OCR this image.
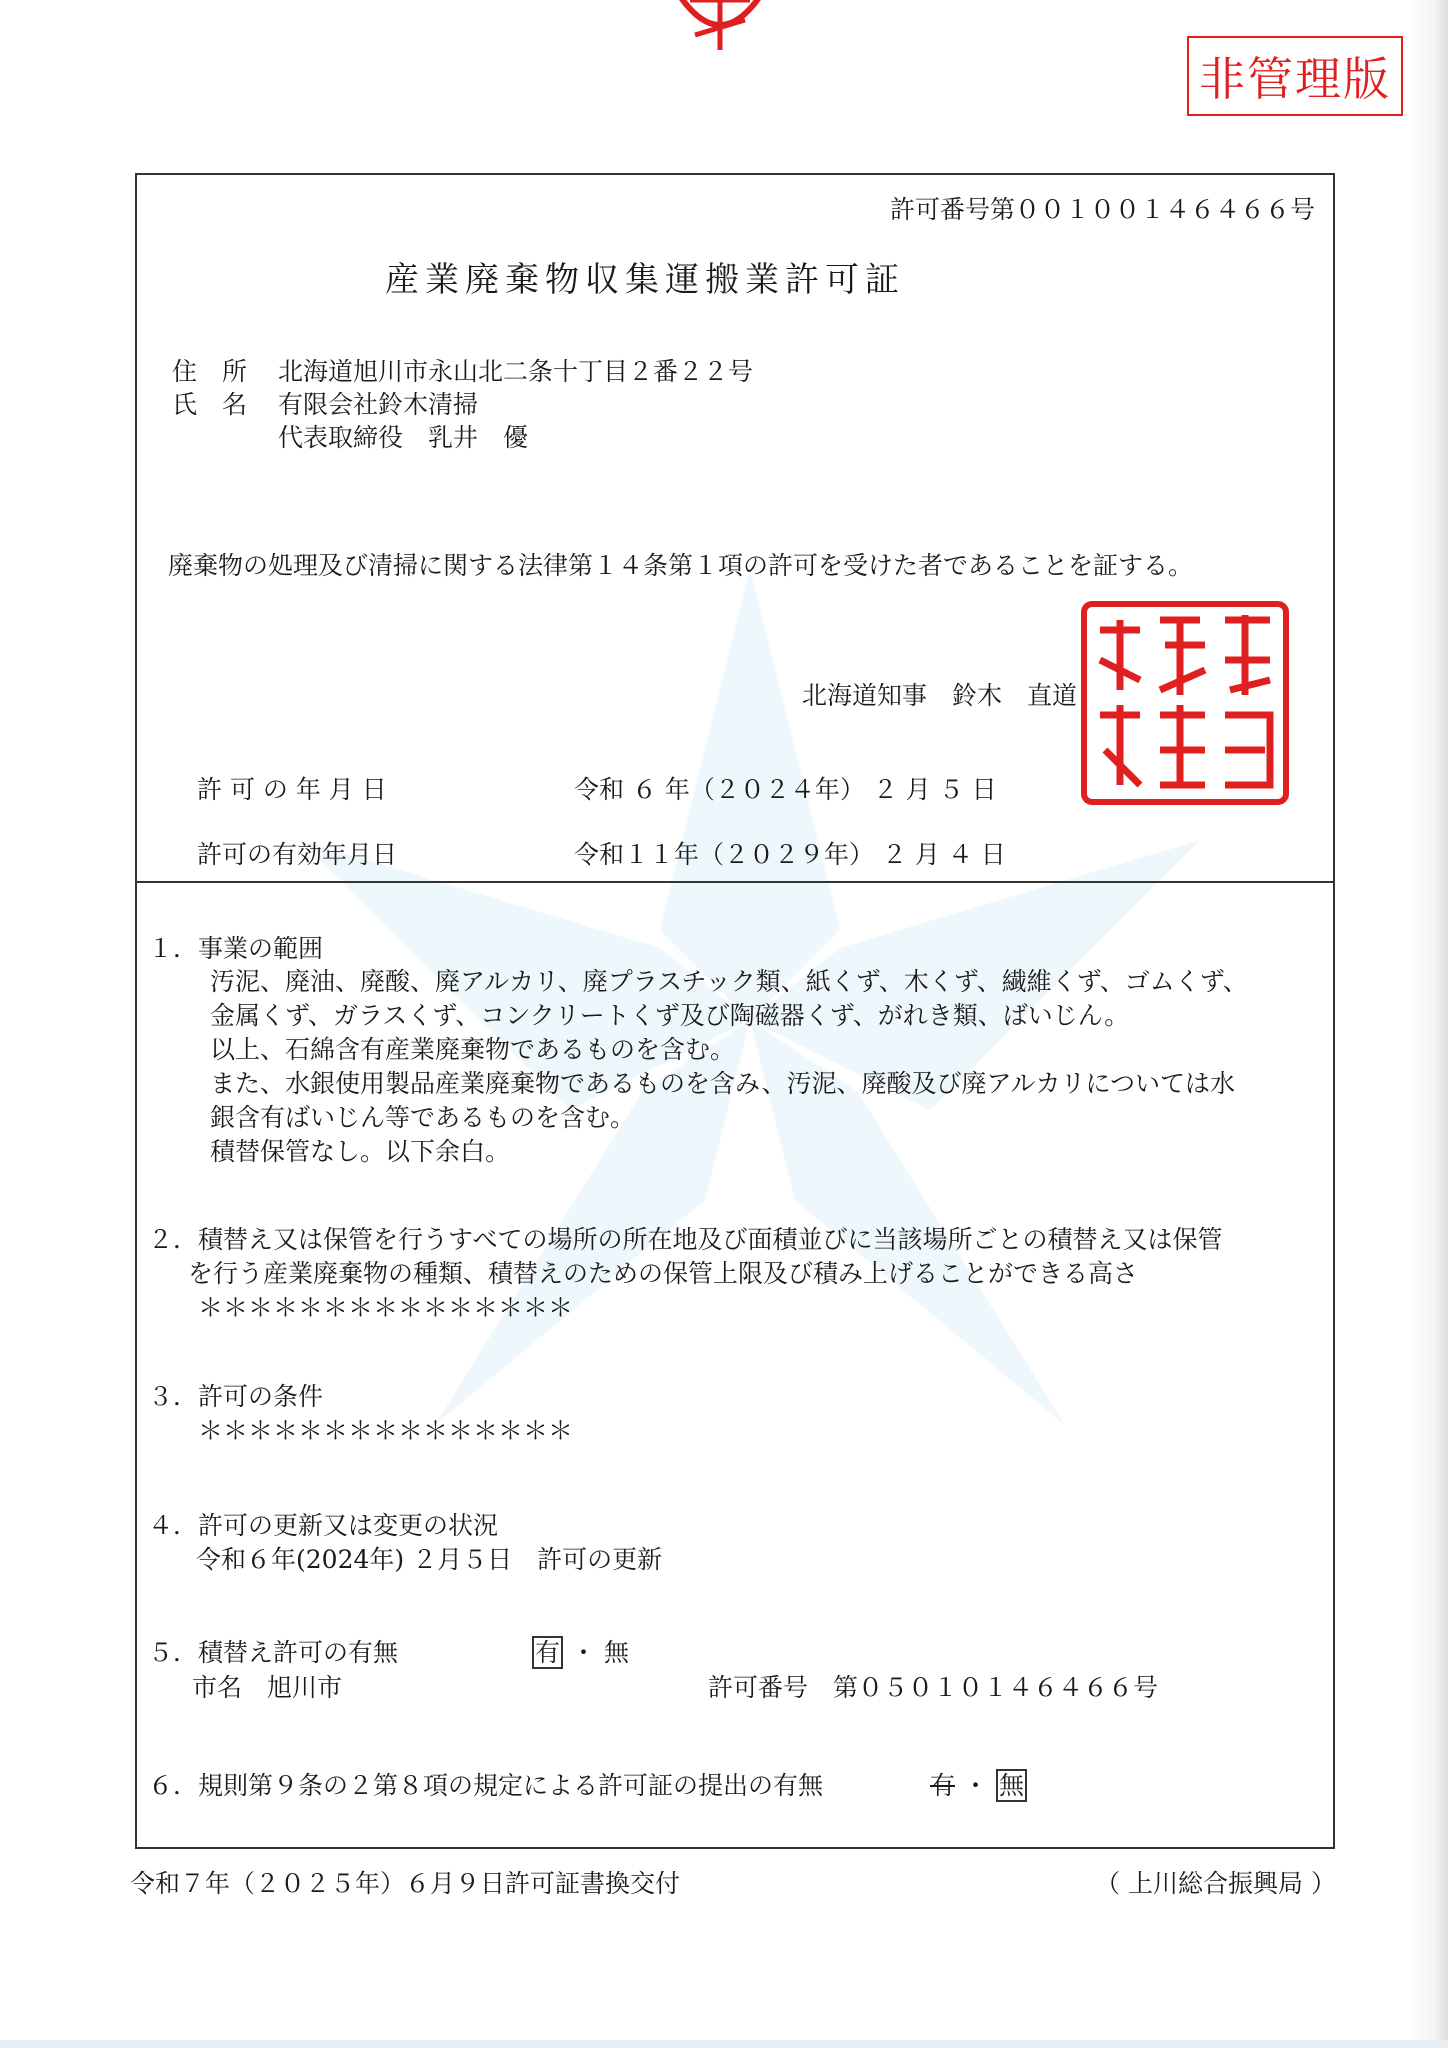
非管理版
許可番号第００１００１４６４６６号
産業廃棄物収集運搬業許可証
住　所 北海道旭川市永山北二条十丁目２番２２号
氏　名 有限会社鈴木清掃
代表取締役　乳井　優
廃棄物の処理及び清掃に関する法律第１４条第１項の許可を受けた者であることを証する。
北海道知事　鈴木　直道
許 可 の 年 月 日	令和 ６ 年（２０２４年） ２ 月 ５ 日
許可の有効年月日	令和１１年（２０２９年） ２ 月 ４ 日
１．事業の範囲
汚泥、廃油、廃酸、廃アルカリ、廃プラスチック類、紙くず、木くず、繊維くず、ゴムくず、
金属くず、ガラスくず、コンクリートくず及び陶磁器くず、がれき類、ばいじん。
以上、石綿含有産業廃棄物であるものを含む。
また、水銀使用製品産業廃棄物であるものを含み、汚泥、廃酸及び廃アルカリについては水
銀含有ばいじん等であるものを含む。
積替保管なし。以下余白。
２．積替え又は保管を行うすべての場所の所在地及び面積並びに当該場所ごとの積替え又は保管
を行う産業廃棄物の種類、積替えのための保管上限及び積み上げることができる高さ
＊＊＊＊＊＊＊＊＊＊＊＊＊＊＊
３．許可の条件
＊＊＊＊＊＊＊＊＊＊＊＊＊＊＊
４．許可の更新又は変更の状況
令和６年(2024年) ２月５日　許可の更新
５．積替え許可の有無	有 ・ 無
市名　旭川市	許可番号　第０５０１０１４６４６６号
６．規則第９条の２第８項の規定による許可証の提出の有無	有 ・ 無
令和７年（２０２５年）６月９日許可証書換交付	（ 上川総合振興局 ）
